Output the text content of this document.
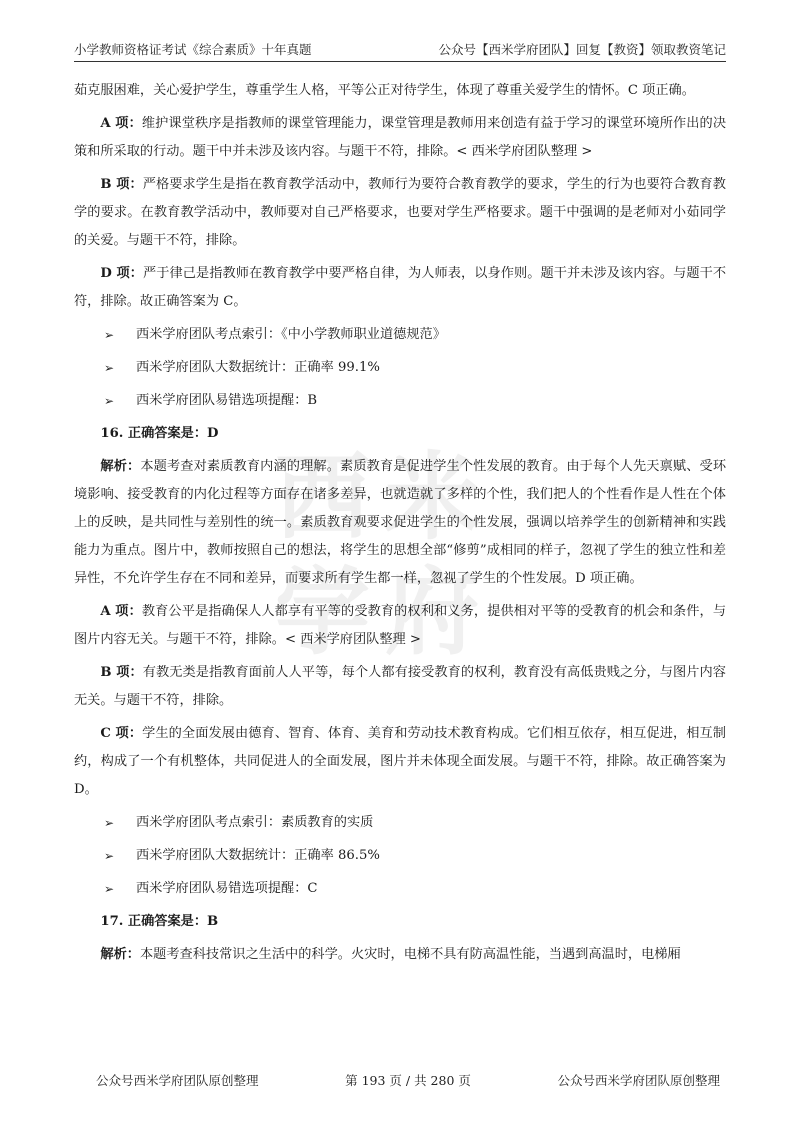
小学教师资格证考试《综合素质》十年真题	公众号【西米学府团队】回复【教资】领取教资笔记
西 米
学 府

茹克服困难，关心爱护学生，尊重学生人格，平等公正对待学生，体现了尊重关爱学生的情怀。C 项正确。

A 项：维护课堂秩序是指教师的课堂管理能力，课堂管理是教师用来创造有益于学习的课堂环境所作出的决策和所采取的行动。题干中并未涉及该内容。与题干不符，排除。< 西米学府团队整理 >

B 项：严格要求学生是指在教育教学活动中，教师行为要符合教育教学的要求，学生的行为也要符合教育教学的要求。在教育教学活动中，教师要对自己严格要求，也要对学生严格要求。题干中强调的是老师对小茹同学的关爱。与题干不符，排除。

D 项：严于律己是指教师在教育教学中要严格自律，为人师表，以身作则。题干并未涉及该内容。与题干不符，排除。故正确答案为 C。

➢	西米学府团队考点索引：《中小学教师职业道德规范》
➢	西米学府团队大数据统计：正确率 99.1%
➢	西米学府团队易错选项提醒：B

16. 正确答案是：D

解析：本题考查对素质教育内涵的理解。素质教育是促进学生个性发展的教育。由于每个人先天禀赋、受环境影响、接受教育的内化过程等方面存在诸多差异，也就造就了多样的个性，我们把人的个性看作是人性在个体上的反映，是共同性与差别性的统一。素质教育观要求促进学生的个性发展，强调以培养学生的创新精神和实践能力为重点。图片中，教师按照自己的想法，将学生的思想全部“修剪”成相同的样子，忽视了学生的独立性和差异性，不允许学生存在不同和差异，而要求所有学生都一样，忽视了学生的个性发展。D 项正确。

A 项：教育公平是指确保人人都享有平等的受教育的权利和义务，提供相对平等的受教育的机会和条件，与图片内容无关。与题干不符，排除。< 西米学府团队整理 >

B 项：有教无类是指教育面前人人平等，每个人都有接受教育的权利，教育没有高低贵贱之分，与图片内容无关。与题干不符，排除。

C 项：学生的全面发展由德育、智育、体育、美育和劳动技术教育构成。它们相互依存，相互促进，相互制约，构成了一个有机整体，共同促进人的全面发展，图片并未体现全面发展。与题干不符，排除。故正确答案为 D。

➢	西米学府团队考点索引：素质教育的实质
➢	西米学府团队大数据统计：正确率 86.5%
➢	西米学府团队易错选项提醒：C

17. 正确答案是：B

解析：本题考查科技常识之生活中的科学。火灾时，电梯不具有防高温性能，当遇到高温时，电梯厢

公众号西米学府团队原创整理	第 193 页 / 共 280 页	公众号西米学府团队原创整理
